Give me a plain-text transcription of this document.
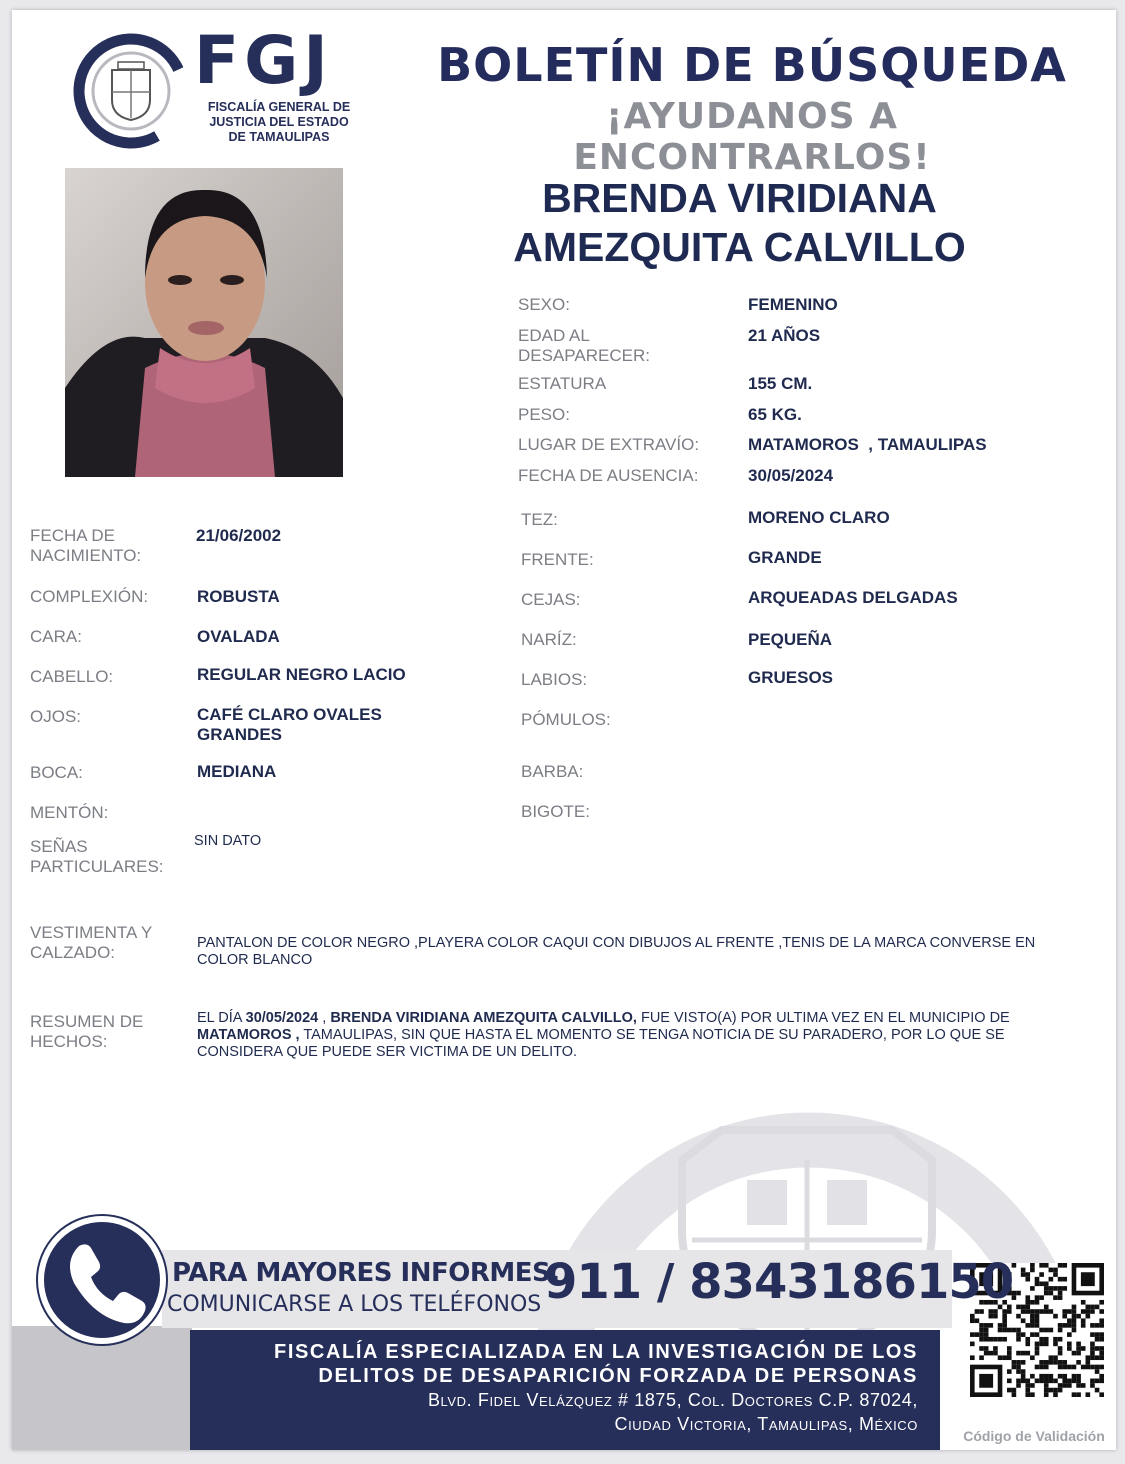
FGJ
FISCALÍA GENERAL DE
JUSTICIA DEL ESTADO
DE TAMAULIPAS
BOLETÍN DE BÚSQUEDA
¡AYUDANOS A ENCONTRARLOS!
BRENDA VIRIDIANA
AMEZQUITA CALVILLO
SEXO:	FEMENINO
EDAD AL DESAPARECER:
21 AÑOS
ESTATURA	155 CM.
PESO:	65 KG.
LUGAR DE EXTRAVÍO:	MATAMOROS  , TAMAULIPAS
FECHA DE AUSENCIA:	30/05/2024
TEZ:	MORENO CLARO
FRENTE:	GRANDE
CEJAS:	ARQUEADAS DELGADAS
NARÍZ:	PEQUEÑA
LABIOS:	GRUESOS
PÓMULOS:
BARBA:
BIGOTE:
FECHA DE NACIMIENTO:
21/06/2002
COMPLEXIÓN:	ROBUSTA
CARA:	OVALADA
CABELLO:	REGULAR NEGRO LACIO
OJOS:	CAFÉ CLARO OVALES GRANDES
BOCA:	MEDIANA
MENTÓN:
SEÑAS PARTICULARES:
SIN DATO
VESTIMENTA Y CALZADO:	PANTALON DE COLOR NEGRO ,PLAYERA COLOR CAQUI CON DIBUJOS AL FRENTE ,TENIS DE LA MARCA CONVERSE EN COLOR BLANCO
RESUMEN DE HECHOS:
EL DÍA 30/05/2024 , BRENDA VIRIDIANA AMEZQUITA CALVILLO, FUE VISTO(A) POR ULTIMA VEZ EN EL MUNICIPIO DE MATAMOROS , TAMAULIPAS, SIN QUE HASTA EL MOMENTO SE TENGA NOTICIA DE SU PARADERO, POR LO QUE SE CONSIDERA QUE PUEDE SER VICTIMA DE UN DELITO.
PARA MAYORES INFORMES,
COMUNICARSE A LOS TELÉFONOS 911 / 8343186150
FISCALÍA ESPECIALIZADA EN LA INVESTIGACIÓN DE LOS
DELITOS DE DESAPARICIÓN FORZADA DE PERSONAS
Blvd. Fidel Velázquez # 1875, Col. Doctores C.P. 87024,
Ciudad Victoria, Tamaulipas, México
Código de Validación
